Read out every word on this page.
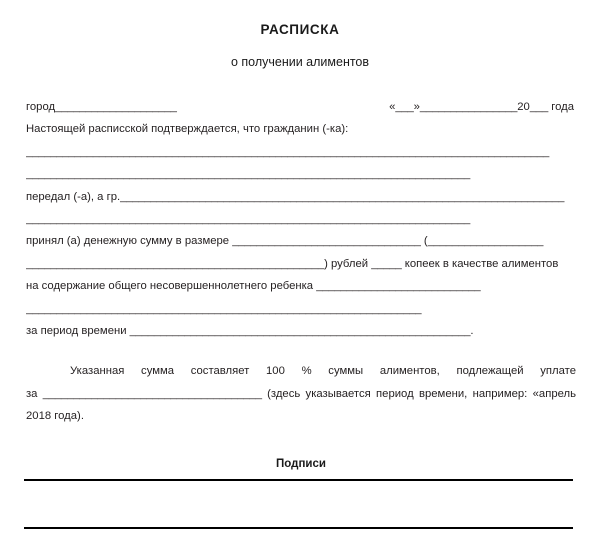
РАСПИСКА
о получении алиментов
город____________________	«___»________________20___ года
Настоящей расписской подтверждается, что гражданин (-ка):
______________________________________________________________________________________
_________________________________________________________________________
передал (-а), а гр._________________________________________________________________________
_________________________________________________________________________
принял (а) денежную сумму в размере _______________________________ (___________________
_________________________________________________) рублей _____ копеек в качестве алиментов
на содержание общего несовершеннолетнего ребенка ___________________________
_________________________________________________________________
за период времени ________________________________________________________.
Указанная сумма составляет 100 % суммы алиментов, подлежащей уплате за ____________________________________ (здесь указывается период времени, например: «апрель 2018 года).
Подписи
